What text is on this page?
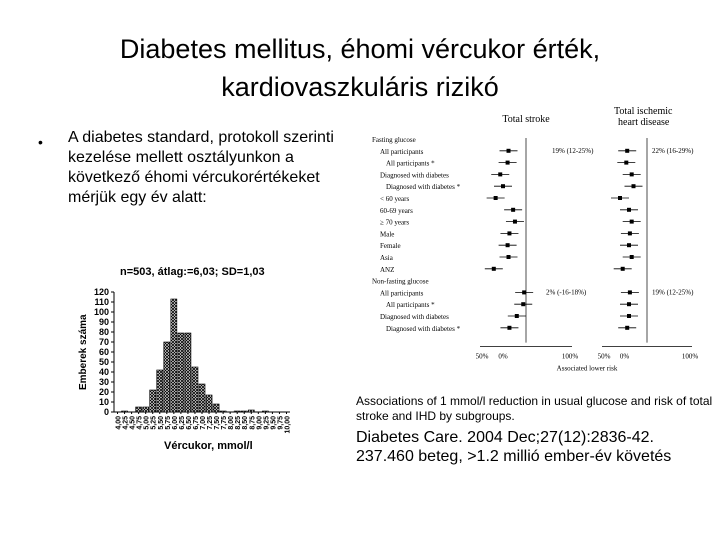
Diabetes mellitus, éhomi vércukor érték,
kardiovaszkuláris rizikó
• A diabetes standard, protokoll szerinti kezelése mellett osztályunkon a következő éhomi vércukorértékeket mérjük egy év alatt:
n=503, átlag:=6,03; SD=1,03
Emberek száma
0
10
20
30
40
50
60
70
80
90
100
110
120
4,00 4,25 4,50 4,75 5,00 5,25 5,50 5,75 6,00 6,25 6,50 6,75 7,00 7,25 7,50 7,75 8,00 8,25 8,50 8,75 9,00 9,25 9,50 9,75 10,00
Vércukor, mmol/l
Total stroke
Total ischemic heart disease
Fasting glucose
All participants
All participants *
Diagnosed with diabetes
Diagnosed with diabetes *
< 60 years
60-69 years
≥ 70 years
Male
Female
Asia
ANZ
Non-fasting glucose
All participants
All participants *
Diagnosed with diabetes
Diagnosed with diabetes *
19% (12-25%)	22% (16-29%)
2% (-16-18%)	19% (12-25%)
50% 0%	100%	50% 0%	100%
Associated lower risk
Associations of 1 mmol/l reduction in usual glucose and risk of total stroke and IHD by subgroups.
Diabetes Care. 2004 Dec;27(12):2836-42.
237.460 beteg, >1.2 millió ember-év követés
